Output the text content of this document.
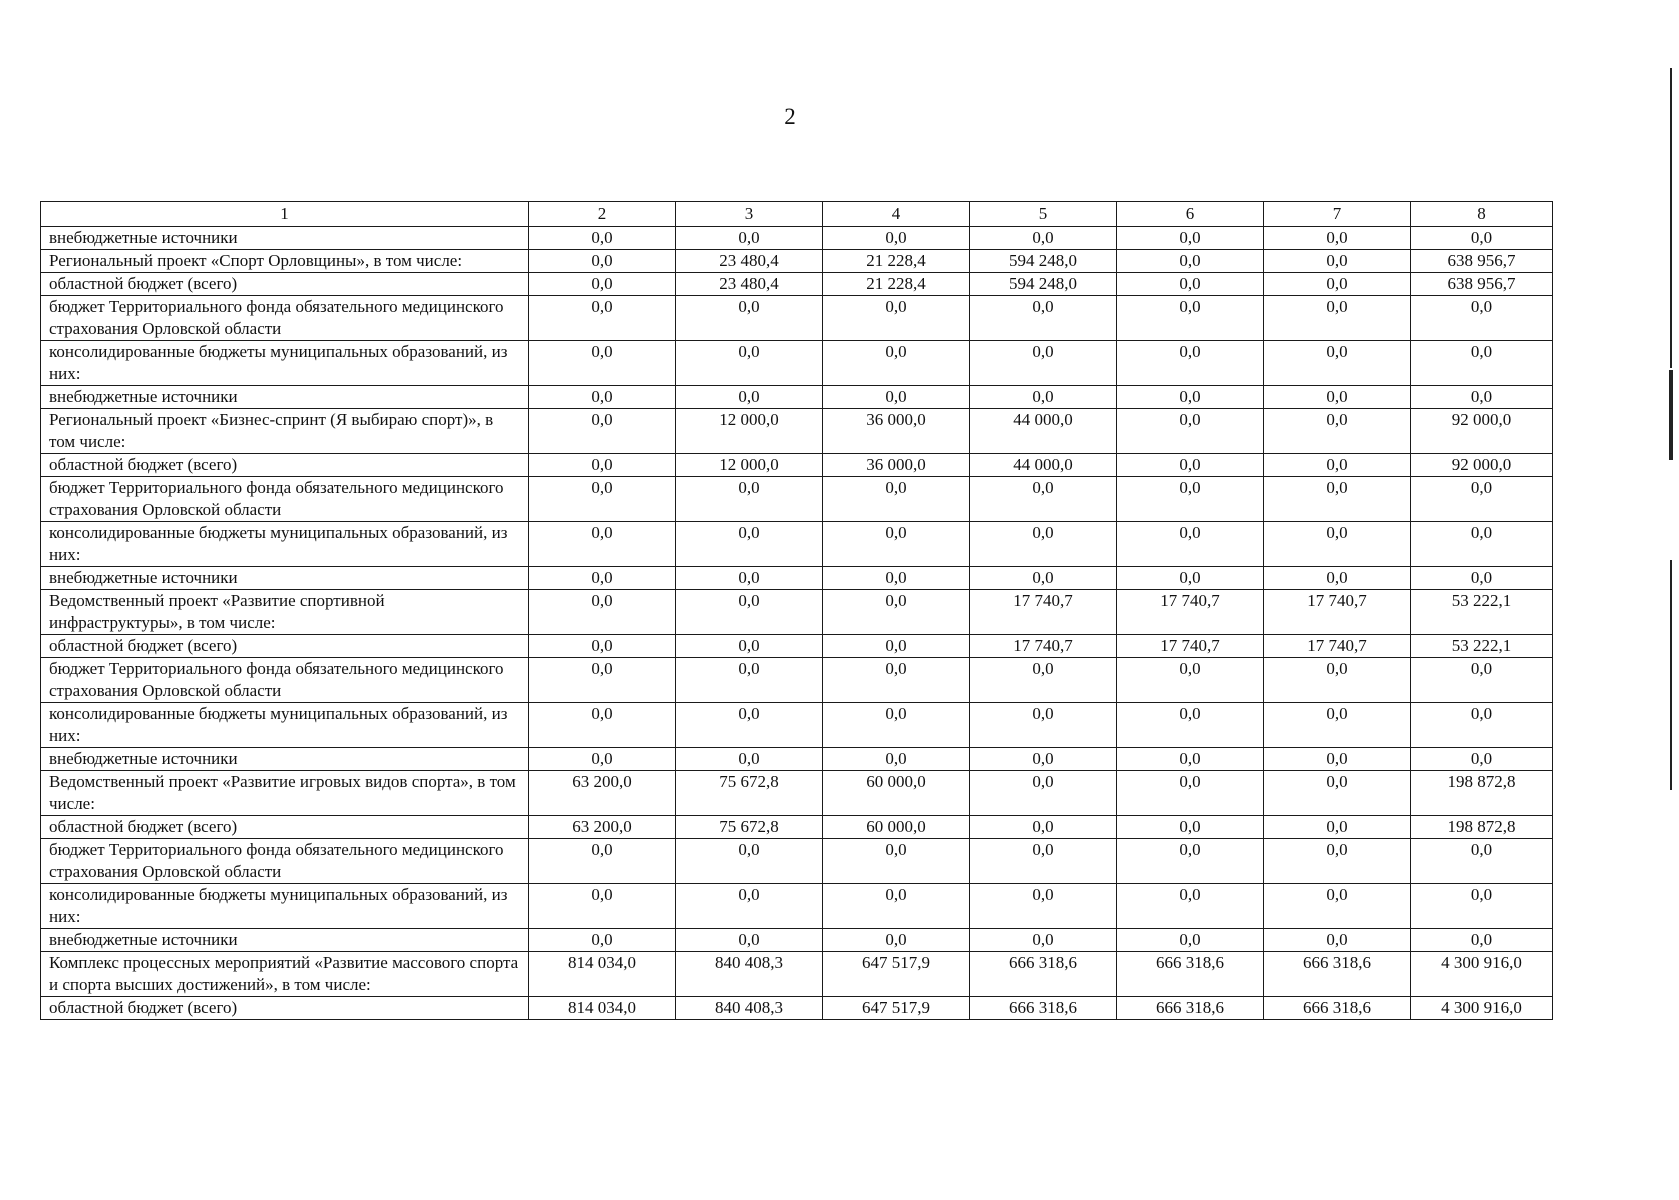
2
1	2	3	4	5	6	7	8
внебюджетные источники	0,0	0,0	0,0	0,0	0,0	0,0	0,0
Региональный проект «Спорт Орловщины», в том числе:	0,0	23 480,4	21 228,4	594 248,0	0,0	0,0	638 956,7
областной бюджет (всего)	0,0	23 480,4	21 228,4	594 248,0	0,0	0,0	638 956,7
бюджет Территориального фонда обязательного медицинского страхования Орловской области	0,0	0,0	0,0	0,0	0,0	0,0	0,0
консолидированные бюджеты муниципальных образований, из них:	0,0	0,0	0,0	0,0	0,0	0,0	0,0
внебюджетные источники	0,0	0,0	0,0	0,0	0,0	0,0	0,0
Региональный проект «Бизнес-спринт (Я выбираю спорт)», в том числе:	0,0	12 000,0	36 000,0	44 000,0	0,0	0,0	92 000,0
областной бюджет (всего)	0,0	12 000,0	36 000,0	44 000,0	0,0	0,0	92 000,0
бюджет Территориального фонда обязательного медицинского страхования Орловской области	0,0	0,0	0,0	0,0	0,0	0,0	0,0
консолидированные бюджеты муниципальных образований, из них:	0,0	0,0	0,0	0,0	0,0	0,0	0,0
внебюджетные источники	0,0	0,0	0,0	0,0	0,0	0,0	0,0
Ведомственный проект «Развитие спортивной инфраструктуры», в том числе:	0,0	0,0	0,0	17 740,7	17 740,7	17 740,7	53 222,1
областной бюджет (всего)	0,0	0,0	0,0	17 740,7	17 740,7	17 740,7	53 222,1
бюджет Территориального фонда обязательного медицинского страхования Орловской области	0,0	0,0	0,0	0,0	0,0	0,0	0,0
консолидированные бюджеты муниципальных образований, из них:	0,0	0,0	0,0	0,0	0,0	0,0	0,0
внебюджетные источники	0,0	0,0	0,0	0,0	0,0	0,0	0,0
Ведомственный проект «Развитие игровых видов спорта», в том числе:	63 200,0	75 672,8	60 000,0	0,0	0,0	0,0	198 872,8
областной бюджет (всего)	63 200,0	75 672,8	60 000,0	0,0	0,0	0,0	198 872,8
бюджет Территориального фонда обязательного медицинского страхования Орловской области	0,0	0,0	0,0	0,0	0,0	0,0	0,0
консолидированные бюджеты муниципальных образований, из них:	0,0	0,0	0,0	0,0	0,0	0,0	0,0
внебюджетные источники	0,0	0,0	0,0	0,0	0,0	0,0	0,0
Комплекс процессных мероприятий «Развитие массового спорта и спорта высших достижений», в том числе:	814 034,0	840 408,3	647 517,9	666 318,6	666 318,6	666 318,6	4 300 916,0
областной бюджет (всего)	814 034,0	840 408,3	647 517,9	666 318,6	666 318,6	666 318,6	4 300 916,0
